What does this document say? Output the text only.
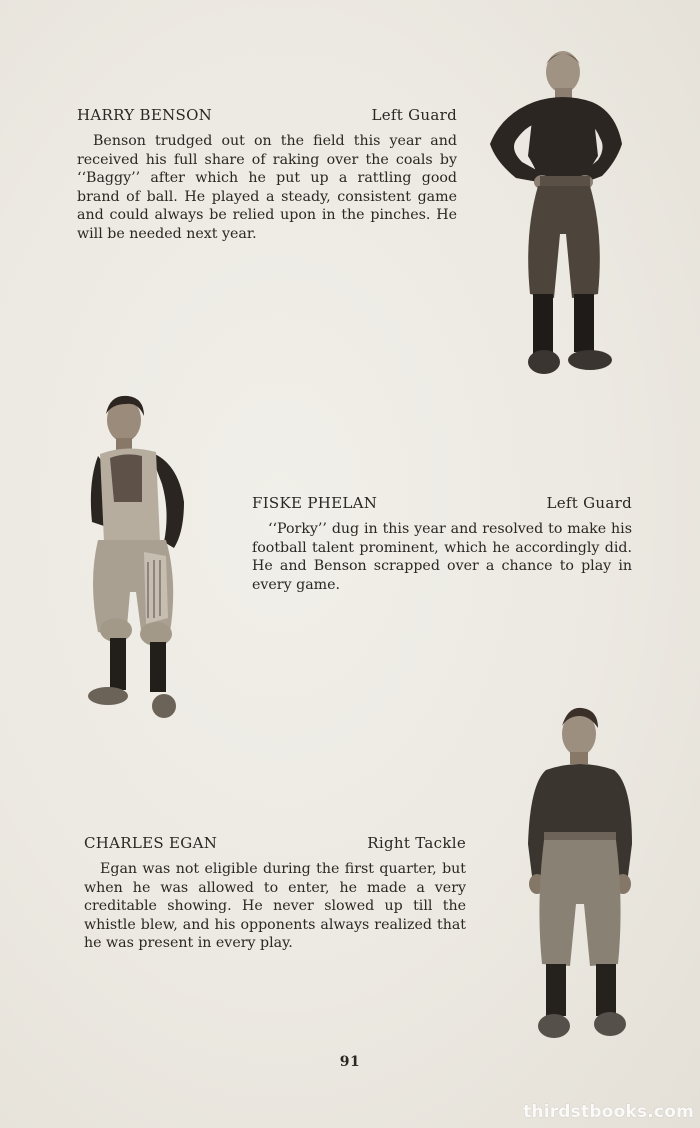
HARRY BENSON	Left Guard

Benson trudged out on the field this year and received his full share of raking over the coals by ‘‘Baggy’’ after which he put up a rattling good brand of ball. He played a steady, consistent game and could always be relied upon in the pinches. He will be needed next year.

FISKE PHELAN	Left Guard

‘‘Porky’’ dug in this year and resolved to make his football talent prominent, which he accordingly did. He and Benson scrapped over a chance to play in every game.

CHARLES EGAN	Right Tackle

Egan was not eligible during the first quarter, but when he was allowed to enter, he made a very creditable showing. He never slowed up till the whistle blew, and his opponents always realized that he was present in every play.

91
thirdstbooks.com
